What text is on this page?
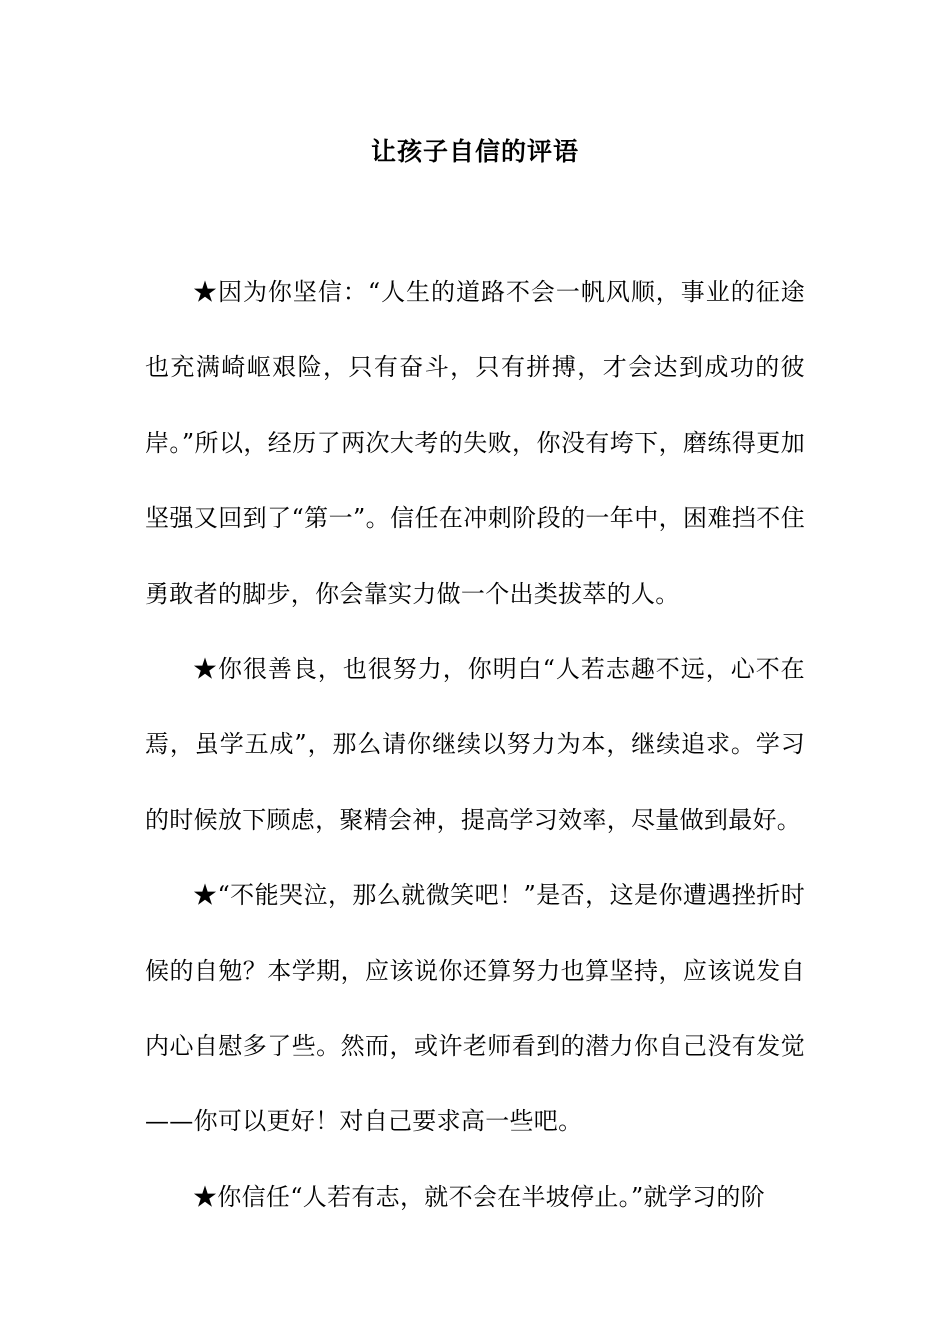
让孩子自信的评语

★因为你坚信：“人生的道路不会一帆风顺，事业的征途也充满崎岖艰险，只有奋斗，只有拼搏，才会达到成功的彼岸。”所以，经历了两次大考的失败，你没有垮下，磨练得更加坚强又回到了“第一”。信任在冲刺阶段的一年中，困难挡不住勇敢者的脚步，你会靠实力做一个出类拔萃的人。

★你很善良，也很努力，你明白“人若志趣不远，心不在焉，虽学五成”，那么请你继续以努力为本，继续追求。学习的时候放下顾虑，聚精会神，提高学习效率，尽量做到最好。

★“不能哭泣，那么就微笑吧！”是否，这是你遭遇挫折时候的自勉？本学期，应该说你还算努力也算坚持，应该说发自内心自慰多了些。然而，或许老师看到的潜力你自己没有发觉——你可以更好！对自己要求高一些吧。

★你信任“人若有志，就不会在半坡停止。”就学习的阶
